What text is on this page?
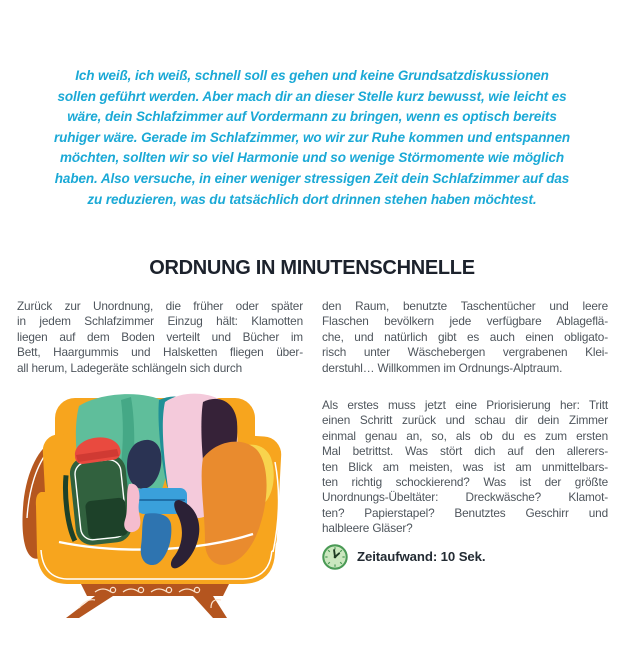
Ich weiß, ich weiß, schnell soll es gehen und keine Grundsatzdiskussionen
sollen geführt werden. Aber mach dir an dieser Stelle kurz bewusst, wie leicht es
wäre, dein Schlafzimmer auf Vordermann zu bringen, wenn es optisch bereits
ruhiger wäre. Gerade im Schlafzimmer, wo wir zur Ruhe kommen und entspannen
möchten, sollten wir so viel Harmonie und so wenige Störmomente wie möglich
haben. Also versuche, in einer weniger stressigen Zeit dein Schlafzimmer auf das
zu reduzieren, was du tatsächlich dort drinnen stehen haben möchtest.
ORDNUNG IN MINUTENSCHNELLE
Zurück zur Unordnung, die früher oder später
in jedem Schlafzimmer Einzug hält: Klamotten
liegen auf dem Boden verteilt und Bücher im
Bett, Haargummis und Halsketten fliegen über-
all herum, Ladegeräte schlängeln sich durch
den Raum, benutzte Taschentücher und leere
Flaschen bevölkern jede verfügbare Ablageflä-
che, und natürlich gibt es auch einen obligato-
risch unter Wäschebergen vergrabenen Klei-
derstuhl… Willkommen im Ordnungs-Alptraum.
Als erstes muss jetzt eine Priorisierung her: Tritt
einen Schritt zurück und schau dir dein Zimmer
einmal genau an, so, als ob du es zum ersten
Mal betrittst. Was stört dich auf den allerers-
ten Blick am meisten, was ist am unmittelbars-
ten richtig schockierend? Was ist der größte
Unordnungs-Übeltäter: Dreckwäsche? Klamot-
ten? Papierstapel? Benutztes Geschirr und
halbleere Gläser?
Zeitaufwand: 10 Sek.
